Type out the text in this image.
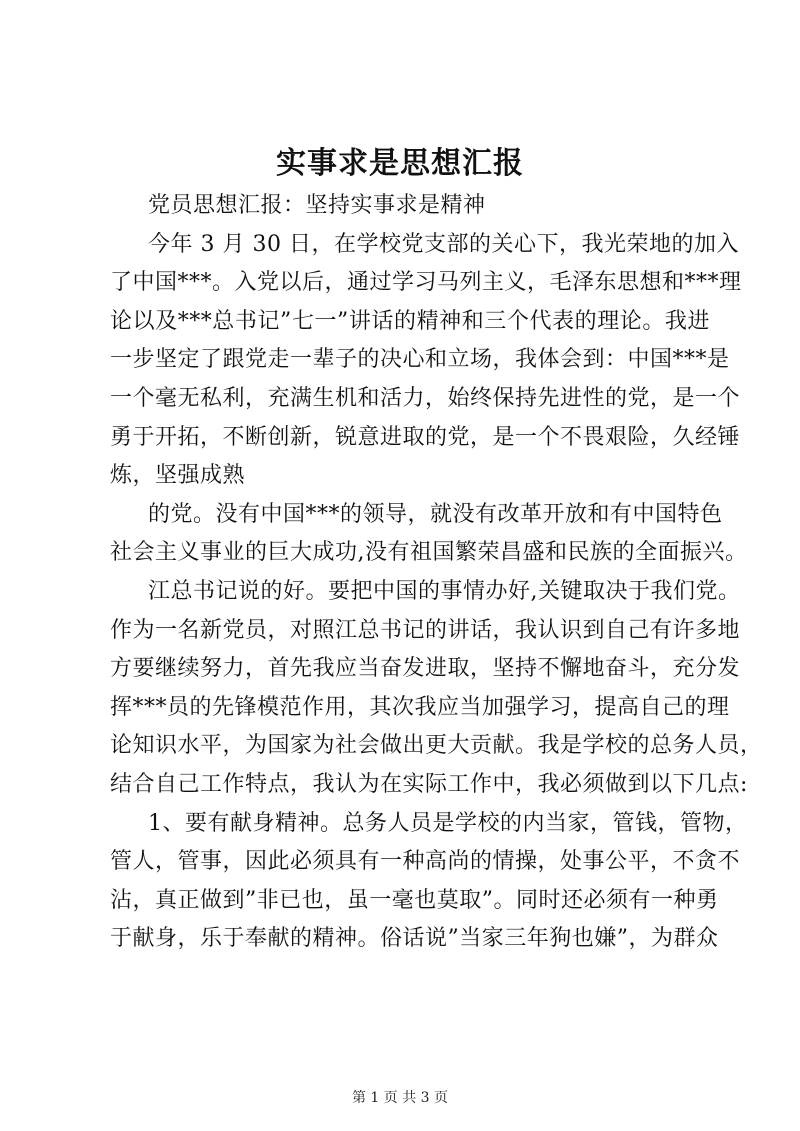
实事求是思想汇报
党员思想汇报：坚持实事求是精神
今年 3 月 30 日，在学校党支部的关心下，我光荣地的加入
了中国***。入党以后，通过学习马列主义，毛泽东思想和***理
论以及***总书记”七一”讲话的精神和三个代表的理论。我进
一步坚定了跟党走一辈子的决心和立场，我体会到：中国***是
一个毫无私利，充满生机和活力，始终保持先进性的党，是一个
勇于开拓，不断创新，锐意进取的党，是一个不畏艰险，久经锤
炼，坚强成熟
的党。没有中国***的领导，就没有改革开放和有中国特色
社会主义事业的巨大成功,没有祖国繁荣昌盛和民族的全面振兴。
江总书记说的好。要把中国的事情办好,关键取决于我们党。
作为一名新党员，对照江总书记的讲话，我认识到自己有许多地
方要继续努力，首先我应当奋发进取，坚持不懈地奋斗，充分发
挥***员的先锋模范作用，其次我应当加强学习，提高自己的理
论知识水平，为国家为社会做出更大贡献。我是学校的总务人员，
结合自己工作特点，我认为在实际工作中，我必须做到以下几点:
1、要有献身精神。总务人员是学校的内当家，管钱，管物，
管人，管事，因此必须具有一种高尚的情操，处事公平，不贪不
沾，真正做到”非已也，虽一毫也莫取”。同时还必须有一种勇
于献身，乐于奉献的精神。俗话说”当家三年狗也嫌”，为群众
第 1 页 共 3 页
